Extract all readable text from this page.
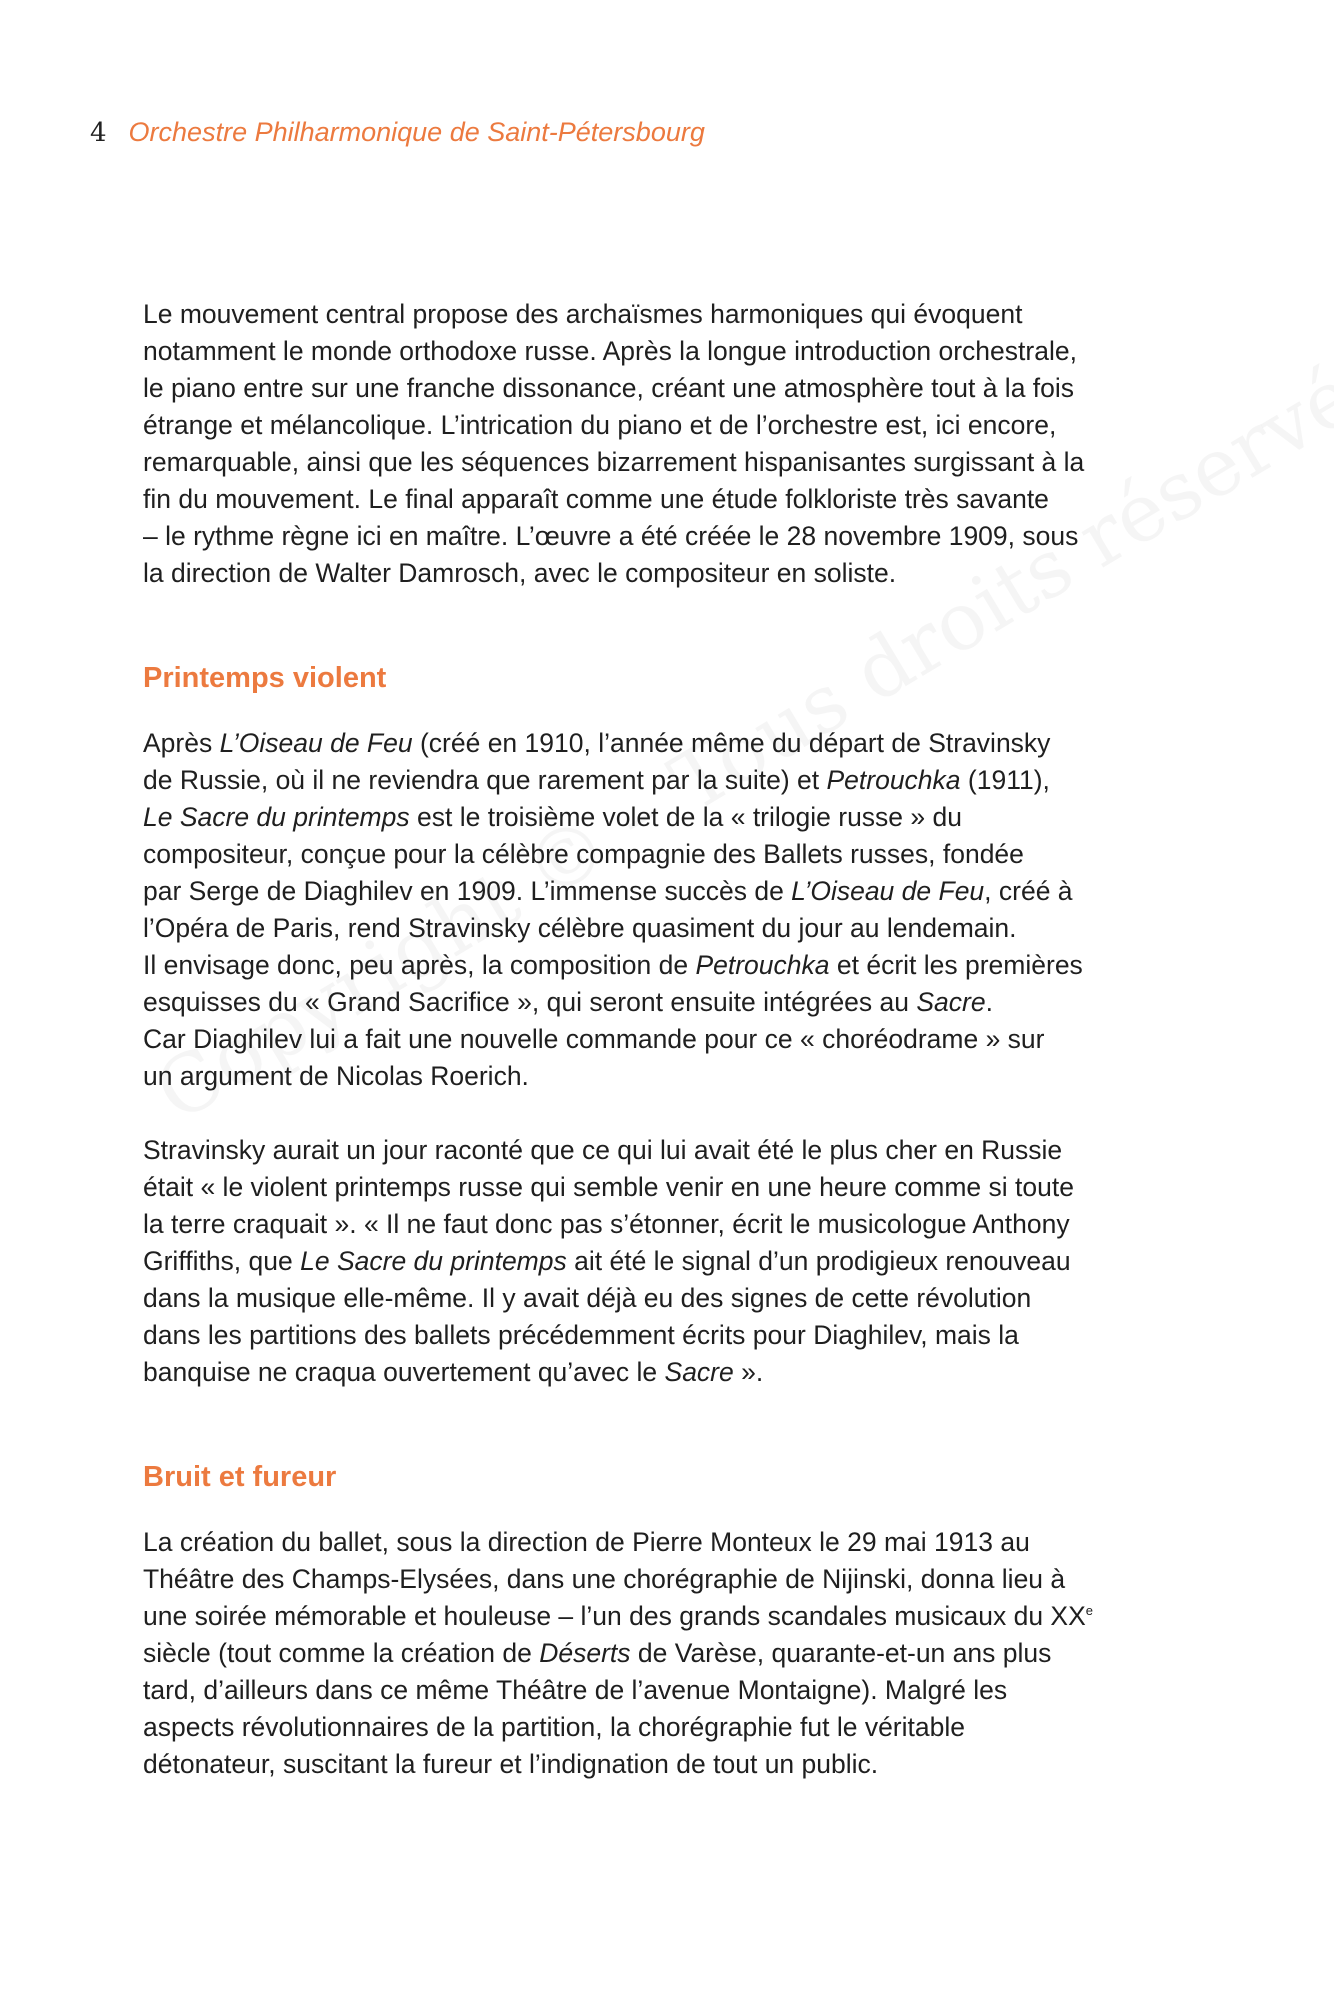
4 Orchestre Philharmonique de Saint-Pétersbourg

Le mouvement central propose des archaïsmes harmoniques qui évoquent
notamment le monde orthodoxe russe. Après la longue introduction orchestrale,
le piano entre sur une franche dissonance, créant une atmosphère tout à la fois
étrange et mélancolique. L’intrication du piano et de l’orchestre est, ici encore,
remarquable, ainsi que les séquences bizarrement hispanisantes surgissant à la
fin du mouvement. Le final apparaît comme une étude folkloriste très savante
– le rythme règne ici en maître. L’œuvre a été créée le 28 novembre 1909, sous
la direction de Walter Damrosch, avec le compositeur en soliste.

Printemps violent

Après L’Oiseau de Feu (créé en 1910, l’année même du départ de Stravinsky
de Russie, où il ne reviendra que rarement par la suite) et Petrouchka (1911),
Le Sacre du printemps est le troisième volet de la « trilogie russe » du
compositeur, conçue pour la célèbre compagnie des Ballets russes, fondée
par Serge de Diaghilev en 1909. L’immense succès de L’Oiseau de Feu, créé à
l’Opéra de Paris, rend Stravinsky célèbre quasiment du jour au lendemain.
Il envisage donc, peu après, la composition de Petrouchka et écrit les premières
esquisses du « Grand Sacrifice », qui seront ensuite intégrées au Sacre.
Car Diaghilev lui a fait une nouvelle commande pour ce « choréodrame » sur
un argument de Nicolas Roerich.

Stravinsky aurait un jour raconté que ce qui lui avait été le plus cher en Russie
était « le violent printemps russe qui semble venir en une heure comme si toute
la terre craquait ». « Il ne faut donc pas s’étonner, écrit le musicologue Anthony
Griffiths, que Le Sacre du printemps ait été le signal d’un prodigieux renouveau
dans la musique elle-même. Il y avait déjà eu des signes de cette révolution
dans les partitions des ballets précédemment écrits pour Diaghilev, mais la
banquise ne craqua ouvertement qu’avec le Sacre ».

Bruit et fureur

La création du ballet, sous la direction de Pierre Monteux le 29 mai 1913 au
Théâtre des Champs-Elysées, dans une chorégraphie de Nijinski, donna lieu à
une soirée mémorable et houleuse – l’un des grands scandales musicaux du XXe
siècle (tout comme la création de Déserts de Varèse, quarante-et-un ans plus
tard, d’ailleurs dans ce même Théâtre de l’avenue Montaigne). Malgré les
aspects révolutionnaires de la partition, la chorégraphie fut le véritable
détonateur, suscitant la fureur et l’indignation de tout un public.
